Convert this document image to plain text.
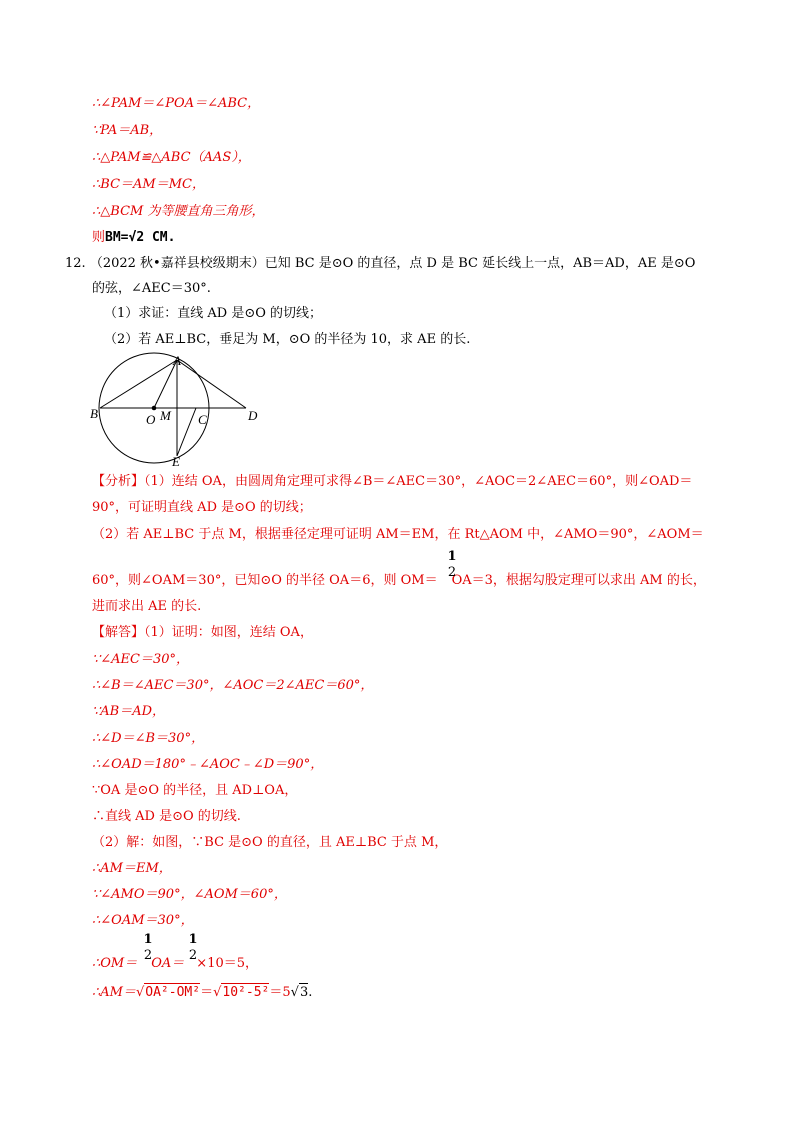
∴∠PAM＝∠POA＝∠ABC，
∵PA＝AB，
∴△PAM≌△ABC（AAS），
∴BC＝AM＝MC，
∴△BCM 为等腰直角三角形，
则BM=√2 CM.
12. （2022 秋•嘉祥县校级期末）已知 BC 是⊙O 的直径，点 D 是 BC 延长线上一点，AB＝AD，AE 是⊙O
的弦，∠AEC＝30°.
（1）求证：直线 AD 是⊙O 的切线；
（2）若 AE⊥BC，垂足为 M，⊙O 的半径为 10，求 AE 的长.
A
B	O M C	D
E
【分析】（1）连结 OA，由圆周角定理可求得∠B＝∠AEC＝30°，∠AOC＝2∠AEC＝60°，则∠OAD＝
90°，可证明直线 AD 是⊙O 的切线；
（2）若 AE⊥BC 于点 M，根据垂径定理可证明 AM＝EM，在 Rt△AOM 中，∠AMO＝90°，∠AOM＝
60°，则∠OAM＝30°，已知⊙O 的半径 OA＝6，则 OM＝ OA＝3，根据勾股定理可以求出 AM 的长，
1
2
进而求出 AE 的长.
【解答】（1）证明：如图，连结 OA，
∵∠AEC＝30°，
∴∠B＝∠AEC＝30°，∠AOC＝2∠AEC＝60°，
∵AB＝AD，
∴∠D＝∠B＝30°，
∴∠OAD＝180°﹣∠AOC﹣∠D＝90°，
∵OA 是⊙O 的半径，且 AD⊥OA，
∴直线 AD 是⊙O 的切线.
（2）解：如图，∵BC 是⊙O 的直径，且 AE⊥BC 于点 M，
∴AM＝EM，
∵∠AMO＝90°，∠AOM＝60°，
∴∠OAM＝30°，
1
2
1
2
∴OM＝ OA＝ ×10＝5，
∴AM＝√OA²-OM²＝√10²-5²＝5√3.
